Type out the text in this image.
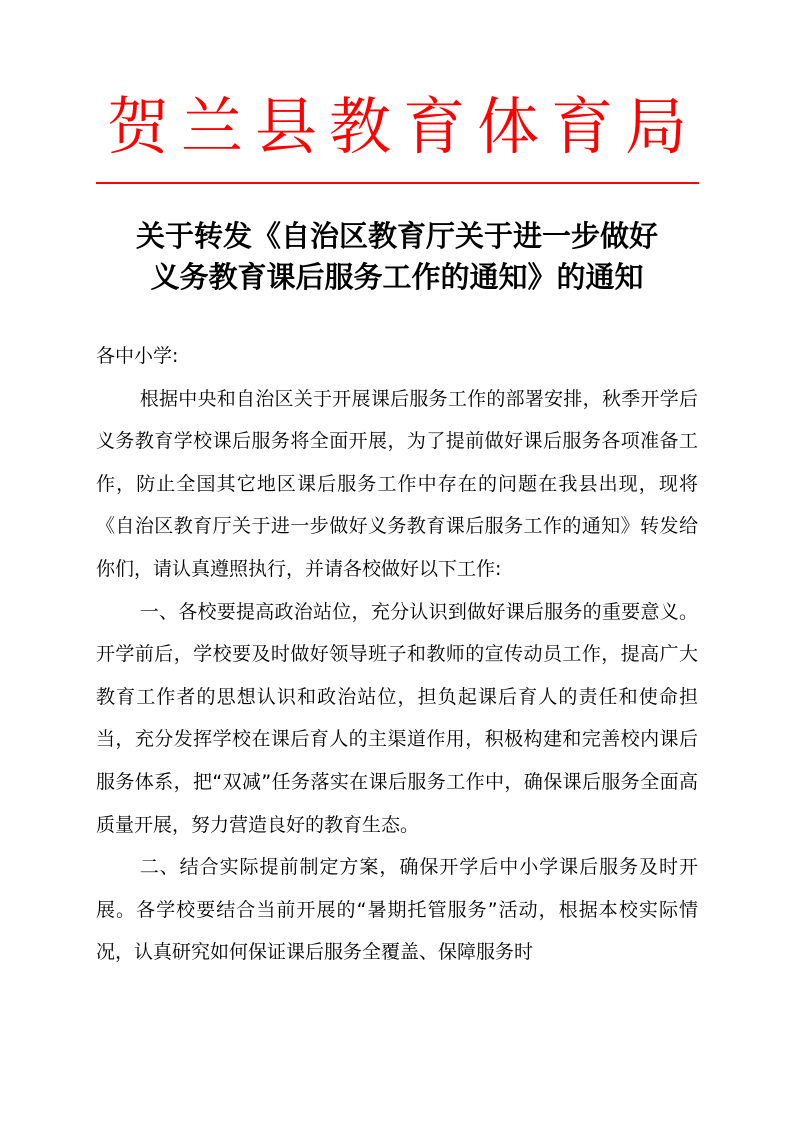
贺兰县教育体育局
关于转发《自治区教育厅关于进一步做好
义务教育课后服务工作的通知》的通知

各中小学:

根据中央和自治区关于开展课后服务工作的部署安排，秋季开学后义务教育学校课后服务将全面开展，为了提前做好课后服务各项准备工作，防止全国其它地区课后服务工作中存在的问题在我县出现，现将《自治区教育厅关于进一步做好义务教育课后服务工作的通知》转发给你们，请认真遵照执行，并请各校做好以下工作:

一、各校要提高政治站位，充分认识到做好课后服务的重要意义。开学前后，学校要及时做好领导班子和教师的宣传动员工作，提高广大教育工作者的思想认识和政治站位，担负起课后育人的责任和使命担当，充分发挥学校在课后育人的主渠道作用，积极构建和完善校内课后服务体系，把“双减”任务落实在课后服务工作中，确保课后服务全面高质量开展，努力营造良好的教育生态。

二、结合实际提前制定方案，确保开学后中小学课后服务及时开展。各学校要结合当前开展的“暑期托管服务”活动，根据本校实际情况，认真研究如何保证课后服务全覆盖、保障服务时
